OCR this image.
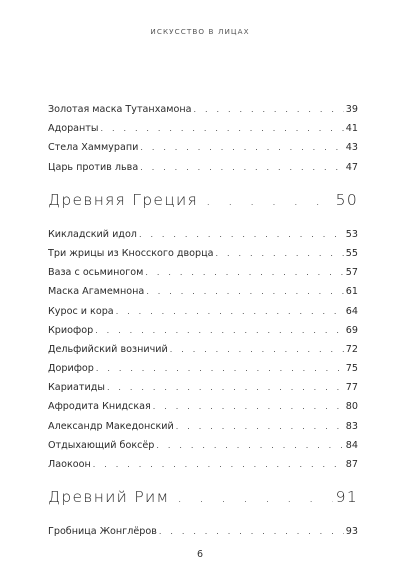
ИСКУССТВО В ЛИЦАХ
Золотая маска Тутанхамона . . .	39
Адоранты . . .	41
Стела Хаммурапи . . .	43
Царь против льва . . .	47
Древняя Греция . . .	50
Кикладский идол . . .	53
Три жрицы из Кносского дворца . . .	55
Ваза с осьминогом . . .	57
Маска Агамемнона . . .	61
Курос и кора . . .	64
Криофор . . .	69
Дельфийский возничий . . .	72
Дорифор . . .	75
Кариатиды . . .	77
Афродита Книдская . . .	80
Александр Македонский . . .	83
Отдыхающий боксёр . . .	84
Лаокоон . . .	87
Древний Рим . . .	91
Гробница Жонглёров . . .	93
6
